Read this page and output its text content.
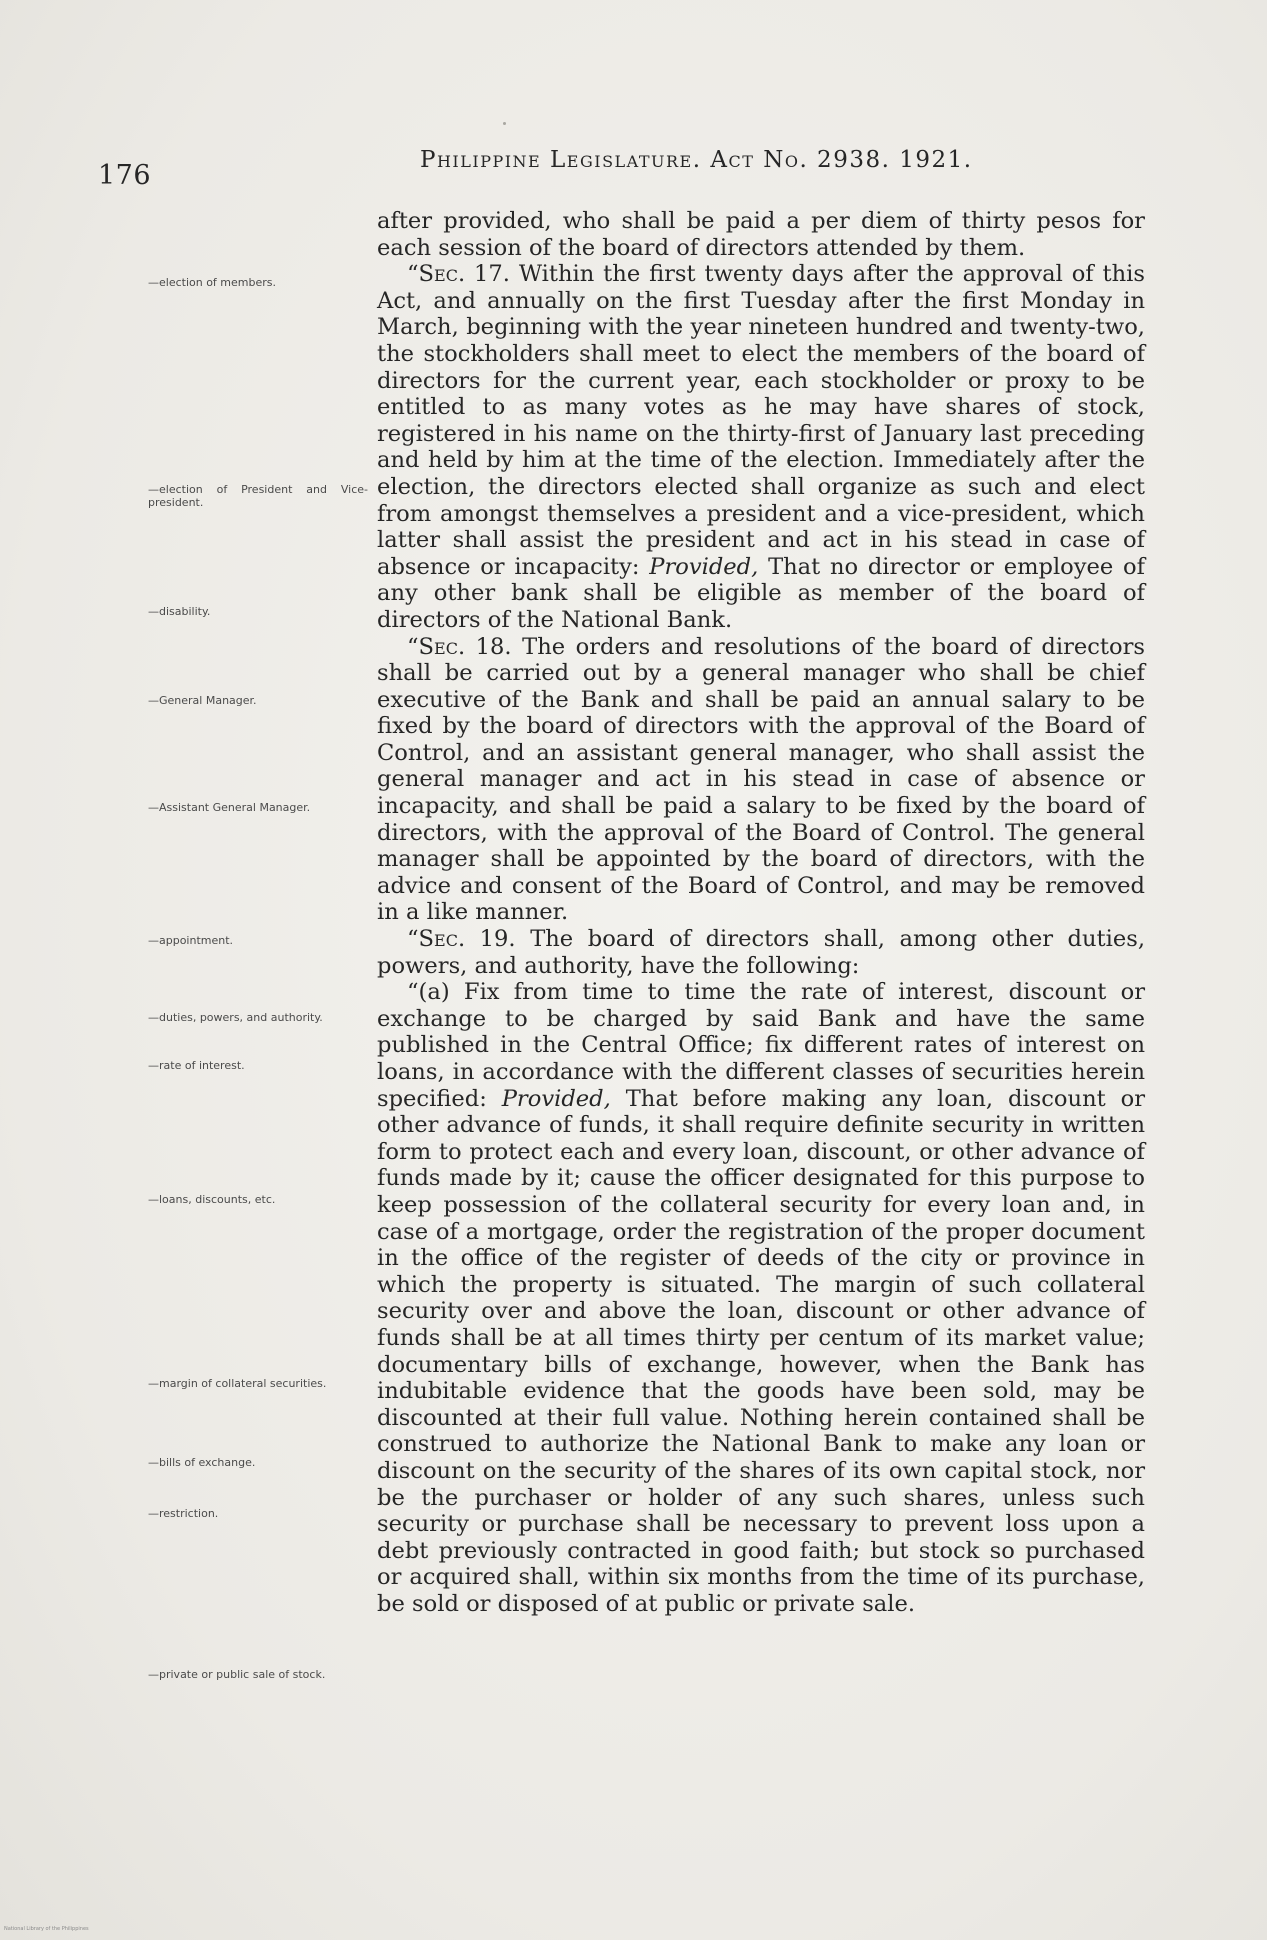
176	Philippine Legislature. Act No. 2938. 1921.
—election of members.
—election of President and Vice-president.
—disability.
—General Manager.
—Assistant General Manager.
—appointment.
—duties, powers, and authority.
—rate of interest.
—loans, discounts, etc.
—margin of collateral securities.
—bills of exchange.
—restriction.
—private or public sale of stock.

after provided, who shall be paid a per diem of thirty pesos for each session of the board of directors attended by them.

“Sec. 17. Within the first twenty days after the approval of this Act, and annually on the first Tuesday after the first Monday in March, beginning with the year nineteen hundred and twenty-two, the stockholders shall meet to elect the members of the board of directors for the current year, each stockholder or proxy to be entitled to as many votes as he may have shares of stock, registered in his name on the thirty-first of January last preceding and held by him at the time of the election. Immediately after the election, the directors elected shall organize as such and elect from amongst themselves a president and a vice-president, which latter shall assist the president and act in his stead in case of absence or incapacity: Provided, That no director or employee of any other bank shall be eligible as member of the board of directors of the National Bank.

“Sec. 18. The orders and resolutions of the board of directors shall be carried out by a general manager who shall be chief executive of the Bank and shall be paid an annual salary to be fixed by the board of directors with the approval of the Board of Control, and an assistant general manager, who shall assist the general manager and act in his stead in case of absence or incapacity, and shall be paid a salary to be fixed by the board of directors, with the approval of the Board of Control. The general manager shall be appointed by the board of directors, with the advice and consent of the Board of Control, and may be removed in a like manner.

“Sec. 19. The board of directors shall, among other duties, powers, and authority, have the following:

“(a) Fix from time to time the rate of interest, discount or exchange to be charged by said Bank and have the same published in the Central Office; fix different rates of interest on loans, in accordance with the different classes of securities herein specified: Provided, That before making any loan, discount or other advance of funds, it shall require definite security in written form to protect each and every loan, discount, or other advance of funds made by it; cause the officer designated for this purpose to keep possession of the collateral security for every loan and, in case of a mortgage, order the registration of the proper document in the office of the register of deeds of the city or province in which the property is situated. The margin of such collateral security over and above the loan, discount or other advance of funds shall be at all times thirty per centum of its market value; documentary bills of exchange, however, when the Bank has indubitable evidence that the goods have been sold, may be discounted at their full value. Nothing herein contained shall be construed to authorize the National Bank to make any loan or discount on the security of the shares of its own capital stock, nor be the purchaser or holder of any such shares, unless such security or purchase shall be necessary to prevent loss upon a debt previously contracted in good faith; but stock so purchased or acquired shall, within six months from the time of its purchase, be sold or disposed of at public or private sale.

National Library of the Philippines
